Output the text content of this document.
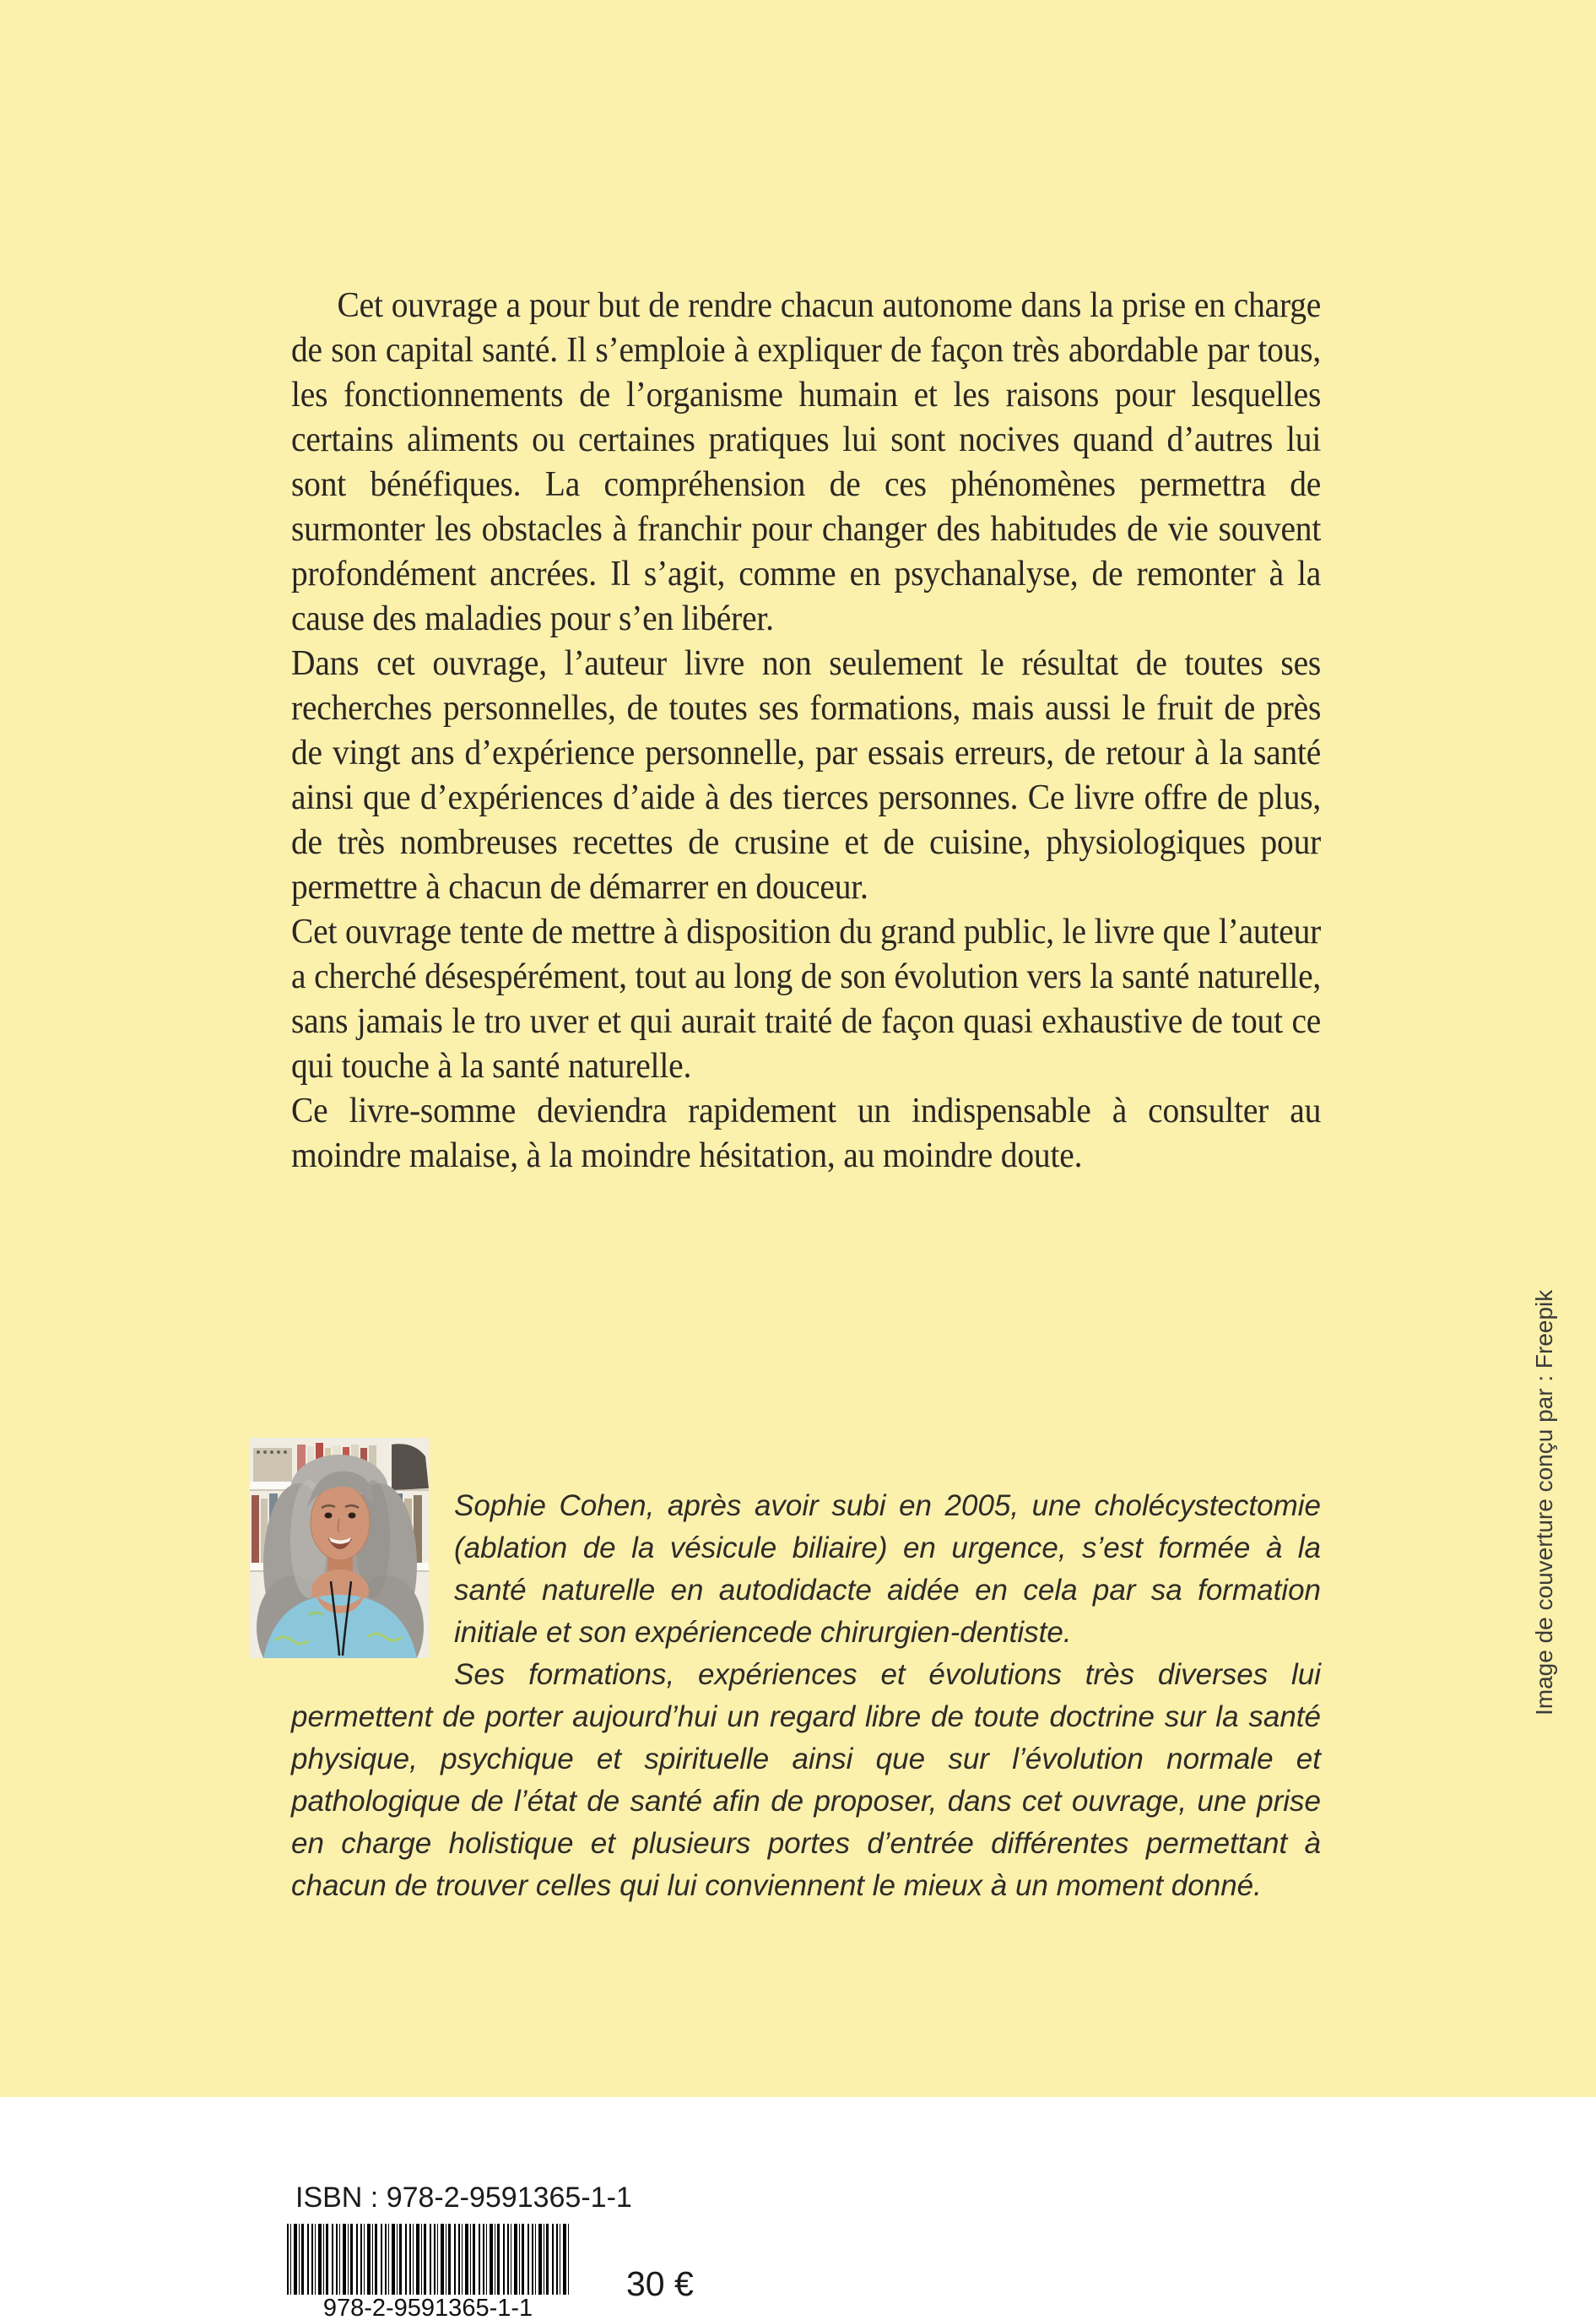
Cet ouvrage a pour but de rendre chacun autonome dans la prise en charge de son capital santé. Il s’emploie à expliquer de façon très abordable par tous, les fonctionnements de l’organisme humain et les raisons pour lesquelles certains aliments ou certaines pratiques lui sont nocives quand d’autres lui sont bénéfiques. La compréhension de ces phénomènes permettra de surmonter les obstacles à franchir pour changer des habitudes de vie souvent profondément ancrées. Il s’agit, comme en psychanalyse, de remonter à la cause des maladies pour s’en libérer.

Dans cet ouvrage, l’auteur livre non seulement le résultat de toutes ses recherches personnelles, de toutes ses formations, mais aussi le fruit de près de vingt ans d’expérience personnelle, par essais erreurs, de retour à la santé ainsi que d’expériences d’aide à des tierces personnes. Ce livre offre de plus, de très nombreuses recettes de crusine et de cuisine, physiologiques pour permettre à chacun de démarrer en douceur.

Cet ouvrage tente de mettre à disposition du grand public, le livre que l’auteur a cherché désespérément, tout au long de son évolution vers la santé naturelle, sans jamais le tro uver et qui aurait traité de façon quasi exhaustive de tout ce qui touche à la santé naturelle.

Ce livre-somme deviendra rapidement un indispensable à consulter au moindre malaise, à la moindre hésitation, au moindre doute.

Sophie Cohen, après avoir subi en 2005, une cholécystectomie (ablation de la vésicule biliaire) en urgence, s’est formée à la santé naturelle en autodidacte aidée en cela par sa formation initiale et son expériencede chirurgien-dentiste.

Ses formations, expériences et évolutions très diverses lui permettent de porter aujourd’hui un regard libre de toute doctrine sur la santé physique, psychique et spirituelle ainsi que sur l’évolution normale et pathologique de l’état de santé afin de proposer, dans cet ouvrage, une prise en charge holistique et plusieurs portes d’entrée différentes permettant à chacun de trouver celles qui lui conviennent le mieux à un moment donné.

Image de couverture conçu par : Freepik
ISBN : 978-2-9591365-1-1
978-2-9591365-1-1
30 €
